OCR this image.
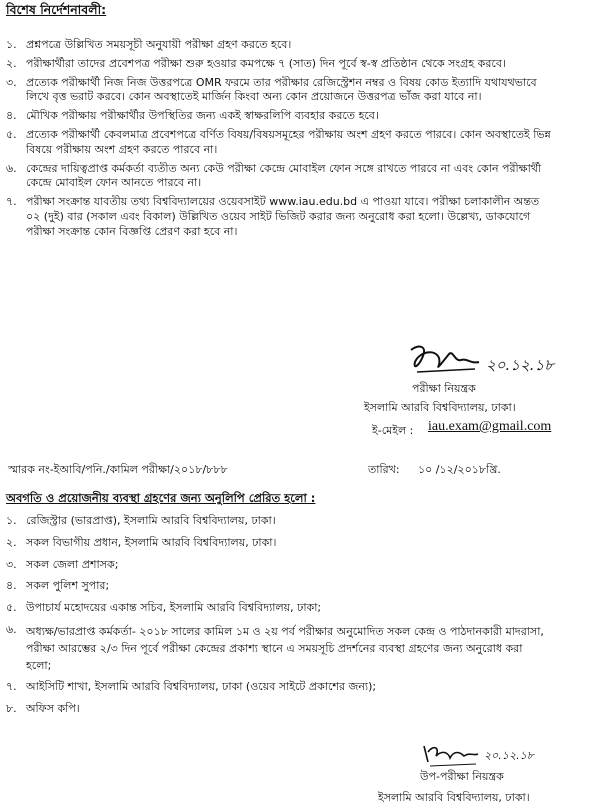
বিশেষ নির্দেশনাবলী:
১. প্রশ্নপত্রে উল্লিখিত সময়সূচী অনুযায়ী পরীক্ষা গ্রহণ করতে হবে।
২. পরীক্ষার্থীরা তাদের প্রবেশপত্র পরীক্ষা শুরু হওয়ার কমপক্ষে ৭ (সাত) দিন পূর্বে স্ব-স্ব প্রতিষ্ঠান থেকে সংগ্রহ করবে।
৩. প্রত্যেক পরীক্ষার্থী নিজ নিজ উত্তরপত্রে OMR ফরমে তার পরীক্ষার রেজিস্ট্রেশন নম্বর ও বিষয় কোড ইত্যাদি যথাযথভাবে
লিখে বৃত্ত ভরাট করবে। কোন অবস্থাতেই মার্জিন কিংবা অন্য কোন প্রয়োজনে উত্তরপত্র ভাঁজ করা যাবে না।
৪. মৌখিক পরীক্ষায় পরীক্ষার্থীর উপস্থিতির জন্য একই স্বাক্ষরলিপি ব্যবহার করতে হবে।
৫. প্রত্যেক পরীক্ষার্থী কেবলমাত্র প্রবেশপত্রে বর্ণিত বিষয়/বিষয়সমূহের পরীক্ষায় অংশ গ্রহণ করতে পারবে। কোন অবস্থাতেই ভিন্ন
বিষয়ে পরীক্ষায় অংশ গ্রহণ করতে পারবে না।
৬. কেন্দ্রের দায়িত্বপ্রাপ্ত কর্মকর্তা ব্যতীত অন্য কেউ পরীক্ষা কেন্দ্রে মোবাইল ফোন সঙ্গে রাখতে পারবে না এবং কোন পরীক্ষার্থী
কেন্দ্রে মোবাইল ফোন আনতে পারবে না।
৭. পরীক্ষা সংক্রান্ত যাবতীয় তথ্য বিশ্ববিদ্যালয়ের ওয়েবসাইট www.iau.edu.bd এ পাওয়া যাবে। পরীক্ষা চলাকালীন অন্তত
০২ (দুই) বার (সকাল এবং বিকাল) উল্লিখিত ওয়েব সাইট ভিজিট করার জন্য অনুরোধ করা হলো। উল্লেখ্য, ডাকযোগে
পরীক্ষা সংক্রান্ত কোন বিজ্ঞপ্তি প্রেরণ করা হবে না।
২০.১২.১৮
পরীক্ষা নিয়ন্ত্রক
ইসলামি আরবি বিশ্ববিদ্যালয়, ঢাকা।
ই-মেইল : iau.exam@gmail.com
স্মারক নং-ইআবি/পনি./কামিল পরীক্ষা/২০১৮/৮৮৮	তারিখ: ১০ /১২/২০১৮খ্রি.
অবগতি ও প্রয়োজনীয় ব্যবস্থা গ্রহণের জন্য অনুলিপি প্রেরিত হলো :
১. রেজিস্ট্রার (ভারপ্রাপ্ত), ইসলামি আরবি বিশ্ববিদ্যালয়, ঢাকা।
২. সকল বিভাগীয় প্রধান, ইসলামি আরবি বিশ্ববিদ্যালয়, ঢাকা।
৩. সকল জেলা প্রশাসক;
৪. সকল পুলিশ সুপার;
৫. উপাচার্য মহোদয়ের একান্ত সচিব, ইসলামি আরবি বিশ্ববিদ্যালয়, ঢাকা;
৬. অধ্যক্ষ/ভারপ্রাপ্ত কর্মকর্তা- ২০১৮ সালের কামিল ১ম ও ২য় পর্ব পরীক্ষার অনুমোদিত সকল কেন্দ্র ও পাঠদানকারী মাদরাসা,
পরীক্ষা আরম্ভের ২/৩ দিন পূর্বে পরীক্ষা কেন্দ্রের প্রকাশ্য স্থানে এ সময়সূচি প্রদর্শনের ব্যবস্থা গ্রহণের জন্য অনুরোধ করা
হলো;
৭. আইসিটি শাখা, ইসলামি আরবি বিশ্ববিদ্যালয়, ঢাকা (ওয়েব সাইটে প্রকাশের জন্য);
৮. অফিস কপি।
২০.১২.১৮
উপ-পরীক্ষা নিয়ন্ত্রক
ইসলামি আরবি বিশ্ববিদ্যালয়, ঢাকা।
